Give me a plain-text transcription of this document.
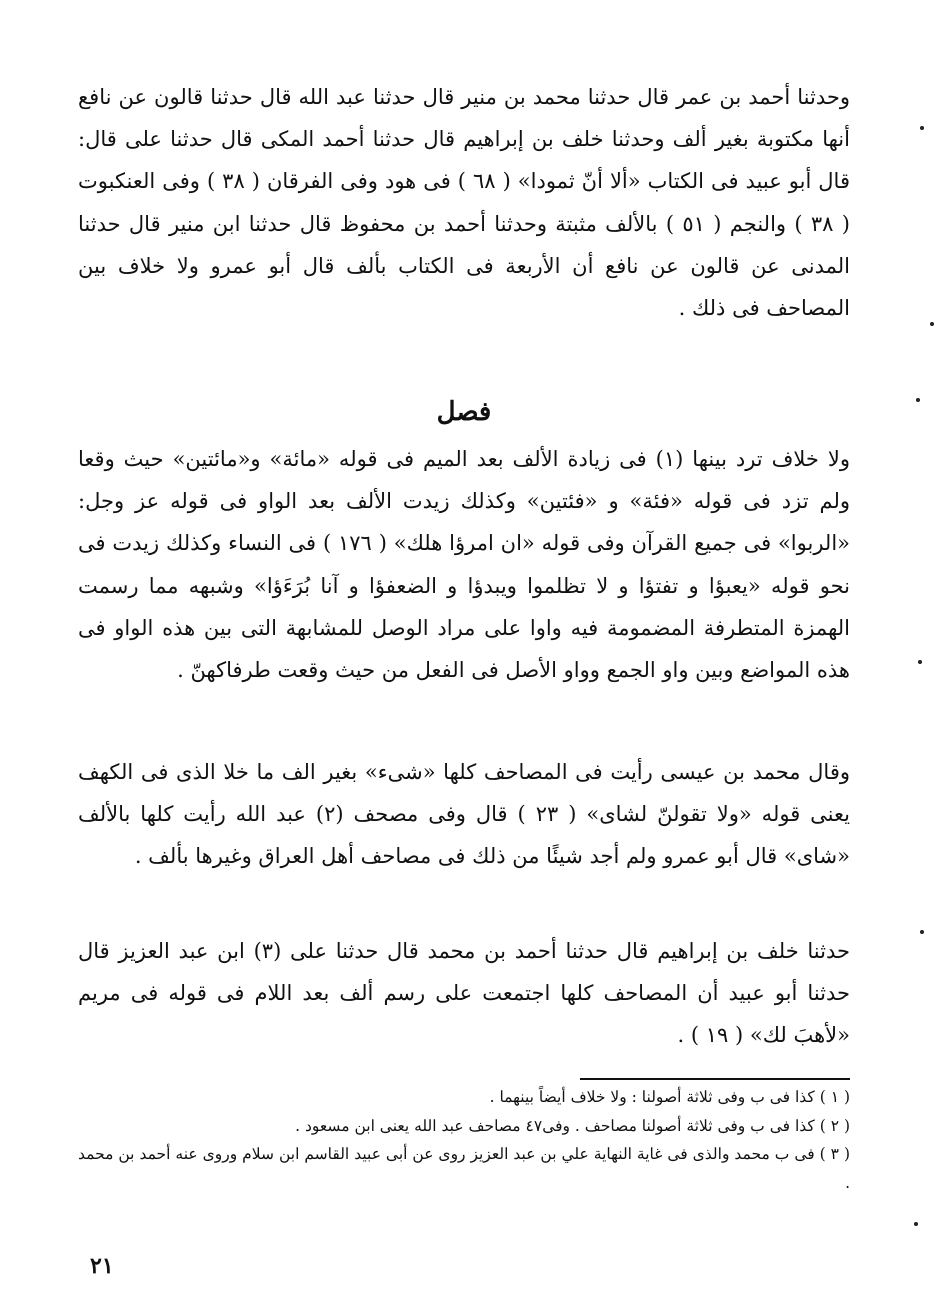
وحدثنا أحمد بن عمر قال حدثنا محمد بن منير قال حدثنا عبد الله قال حدثنا قالون عن نافع أنها مكتوبة بغير ألف وحدثنا خلف بن إبراهيم قال حدثنا أحمد المكى قال حدثنا على قال: قال أبو عبيد فى الكتاب «ألا أنّ ثمودا» ( ٦٨ ) فى هود وفى الفرقان ( ٣٨ ) وفى العنكبوت ( ٣٨ ) والنجم ( ٥١ ) بالألف مثبتة وحدثنا أحمد بن محفوظ قال حدثنا ابن منير قال حدثنا المدنى عن قالون عن نافع أن الأربعة فى الكتاب بألف قال أبو عمرو ولا خلاف بين المصاحف فى ذلك .

فصل

ولا خلاف ترد بينها (١) فى زيادة الألف بعد الميم فى قوله «مائة» و«مائتين» حيث وقعا ولم تزد فى قوله «فئة» و «فئتين» وكذلك زيدت الألف بعد الواو فى قوله عز وجل: «الربوا» فى جميع القرآن وفى قوله «ان امرؤا هلك» ( ١٧٦ ) فى النساء وكذلك زيدت فى نحو قوله «يعبؤا و تفتؤا و لا تظلموا ويبدؤا و الضعفؤا و آنا بُرَءَؤا» وشبهه مما رسمت الهمزة المتطرفة المضمومة فيه واوا على مراد الوصل للمشابهة التى بين هذه الواو فى هذه المواضع وبين واو الجمع وواو الأصل فى الفعل من حيث وقعت طرفاكهنّ .

وقال محمد بن عيسى رأيت فى المصاحف كلها «شىء» بغير الف ما خلا الذى فى الكهف يعنى قوله «ولا تقولنّ لشاى» ( ٢٣ ) قال وفى مصحف (٢) عبد الله رأيت كلها بالألف «شاى» قال أبو عمرو ولم أجد شيئًا من ذلك فى مصاحف أهل العراق وغيرها بألف .

حدثنا خلف بن إبراهيم قال حدثنا أحمد بن محمد قال حدثنا على (٣) ابن عبد العزيز قال حدثنا أبو عبيد أن المصاحف كلها اجتمعت على رسم ألف بعد اللام فى قوله فى مريم «لأهبَ لك» ( ١٩ ) .

( ١ ) كذا فى ب وفى ثلاثة أصولنا : ولا خلاف أيضاً بينهما .

( ٢ ) كذا فى ب وفى ثلاثة أصولنا مصاحف . وفى٤٧ مصاحف عبد الله يعنى ابن مسعود .

( ٣ ) فى ب محمد والذى فى غاية النهاية علي بن عبد العزيز روى عن أبى عبيد القاسم ابن سلام وروى عنه أحمد بن محمد .

٢١
